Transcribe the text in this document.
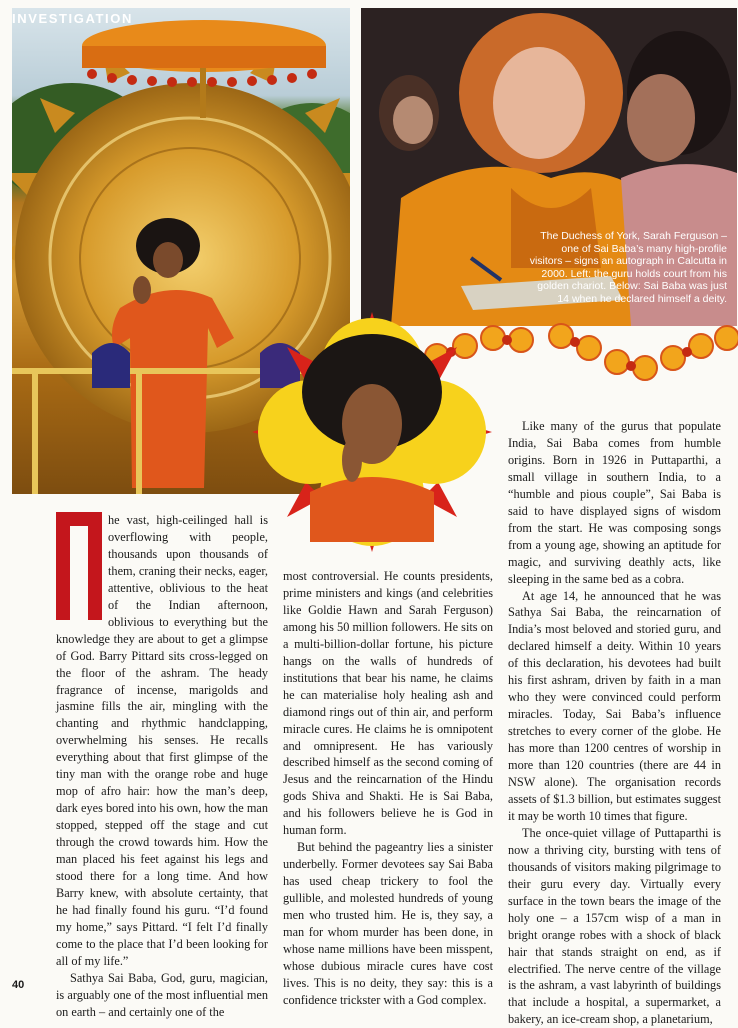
INVESTIGATION
The Duchess of York, Sarah Ferguson – one of Sai Baba’s many high-profile visitors – signs an autograph in Calcutta in 2000. Left: the guru holds court from his golden chariot. Below: Sai Baba was just 14 when he declared himself a deity.

he vast, high-ceilinged hall is overflowing with people, thousands upon thousands of them, craning their necks, eager, attentive, oblivious to the heat of the Indian afternoon, oblivious to everything but the knowledge they are about to get a glimpse of God. Barry Pittard sits cross-legged on the floor of the ashram. The heady fragrance of incense, marigolds and jasmine fills the air, mingling with the chanting and rhythmic handclapping, overwhelming his senses. He recalls everything about that first glimpse of the tiny man with the orange robe and huge mop of afro hair: how the man’s deep, dark eyes bored into his own, how the man stopped, stepped off the stage and cut through the crowd towards him. How the man placed his feet against his legs and stood there for a long time. And how Barry knew, with absolute certainty, that he had finally found his guru. “I’d found my home,” says Pittard. “I felt I’d finally come to the place that I’d been looking for all of my life.”

Sathya Sai Baba, God, guru, magician, is arguably one of the most influential men on earth – and certainly one of the

most controversial. He counts presidents, prime ministers and kings (and celebrities like Goldie Hawn and Sarah Ferguson) among his 50 million followers. He sits on a multi-billion-dollar fortune, his picture hangs on the walls of hundreds of institutions that bear his name, he claims he can materialise holy healing ash and diamond rings out of thin air, and perform miracle cures. He claims he is omnipotent and omnipresent. He has variously described himself as the second coming of Jesus and the reincarnation of the Hindu gods Shiva and Shakti. He is Sai Baba, and his followers believe he is God in human form.

But behind the pageantry lies a sinister underbelly. Former devotees say Sai Baba has used cheap trickery to fool the gullible, and molested hundreds of young men who trusted him. He is, they say, a man for whom murder has been done, in whose name millions have been misspent, whose dubious miracle cures have cost lives. This is no deity, they say: this is a confidence trickster with a God complex.

Like many of the gurus that populate India, Sai Baba comes from humble origins. Born in 1926 in Puttaparthi, a small village in southern India, to a “humble and pious couple”, Sai Baba is said to have displayed signs of wisdom from the start. He was composing songs from a young age, showing an aptitude for magic, and surviving deathly acts, like sleeping in the same bed as a cobra.

At age 14, he announced that he was Sathya Sai Baba, the reincarnation of India’s most beloved and storied guru, and declared himself a deity. Within 10 years of this declaration, his devotees had built his first ashram, driven by faith in a man who they were convinced could perform miracles. Today, Sai Baba’s influence stretches to every corner of the globe. He has more than 1200 centres of worship in more than 120 countries (there are 44 in NSW alone). The organisation records assets of $1.3 billion, but estimates suggest it may be worth 10 times that figure.

The once-quiet village of Puttaparthi is now a thriving city, bursting with tens of thousands of visitors making pilgrimage to their guru every day. Virtually every surface in the town bears the image of the holy one – a 157cm wisp of a man in bright orange robes with a shock of black hair that stands straight on end, as if electrified. The nerve centre of the village is the ashram, a vast labyrinth of buildings that include a hospital, a supermarket, a bakery, an ice-cream shop, a planetarium,

40
